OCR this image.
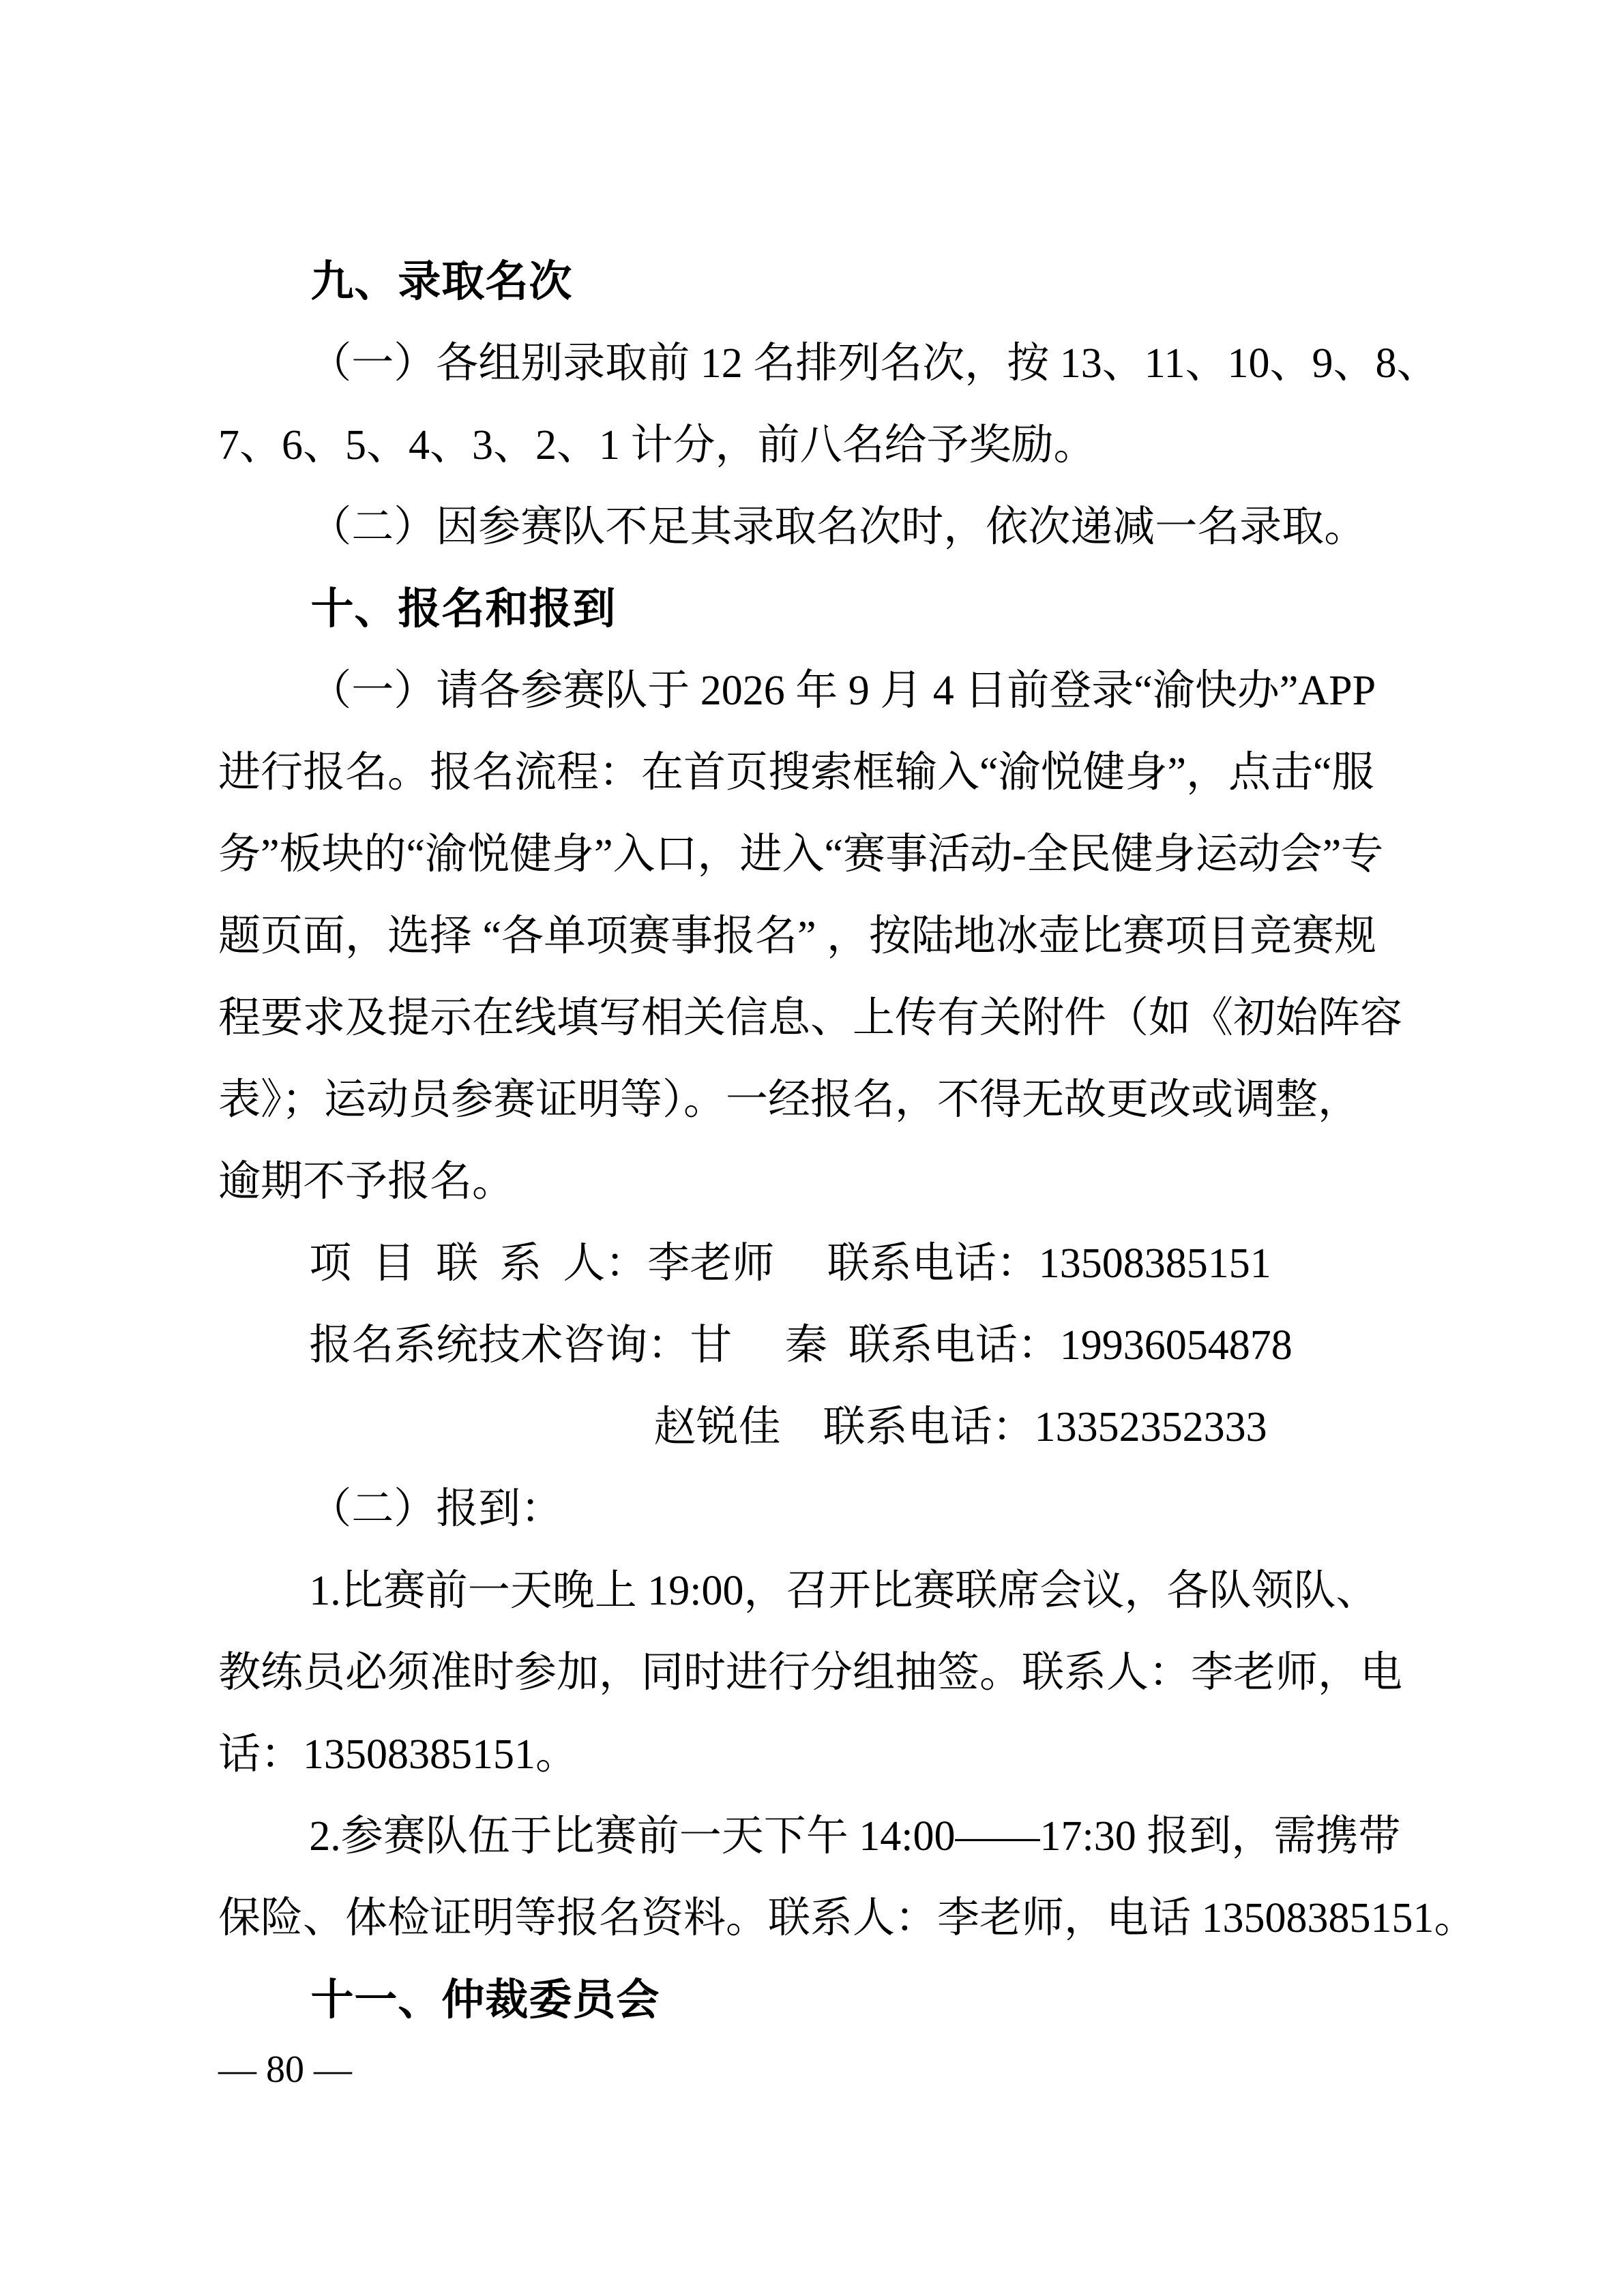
九、录取名次
（一）各组别录取前 12 名排列名次，按 13、11、10、9、8、
7、6、5、4、3、2、1 计分，前八名给予奖励。
（二）因参赛队不足其录取名次时，依次递减一名录取。
十、报名和报到
（一）请各参赛队于 2026 年 9 月 4 日前登录“渝快办”APP
进行报名。报名流程：在首页搜索框输入“渝悦健身”，点击“服
务”板块的“渝悦健身”入口，进入“赛事活动-全民健身运动会”专
题页面，选择 “各单项赛事报名” ，按陆地冰壶比赛项目竞赛规
程要求及提示在线填写相关信息、上传有关附件（如《初始阵容
表》；运动员参赛证明等）。一经报名，不得无故更改或调整，
逾期不予报名。
项  目  联  系  人：李老师　 联系电话：13508385151
报名系统技术咨询：甘　 秦  联系电话：19936054878
赵锐佳　联系电话：13352352333
（二）报到：
1.比赛前一天晚上 19:00，召开比赛联席会议，各队领队、
教练员必须准时参加，同时进行分组抽签。联系人：李老师，电
话：13508385151。
2.参赛队伍于比赛前一天下午 14:00——17:30 报到，需携带
保险、体检证明等报名资料。联系人：李老师，电话 13508385151。
十一、仲裁委员会
— 80 —
